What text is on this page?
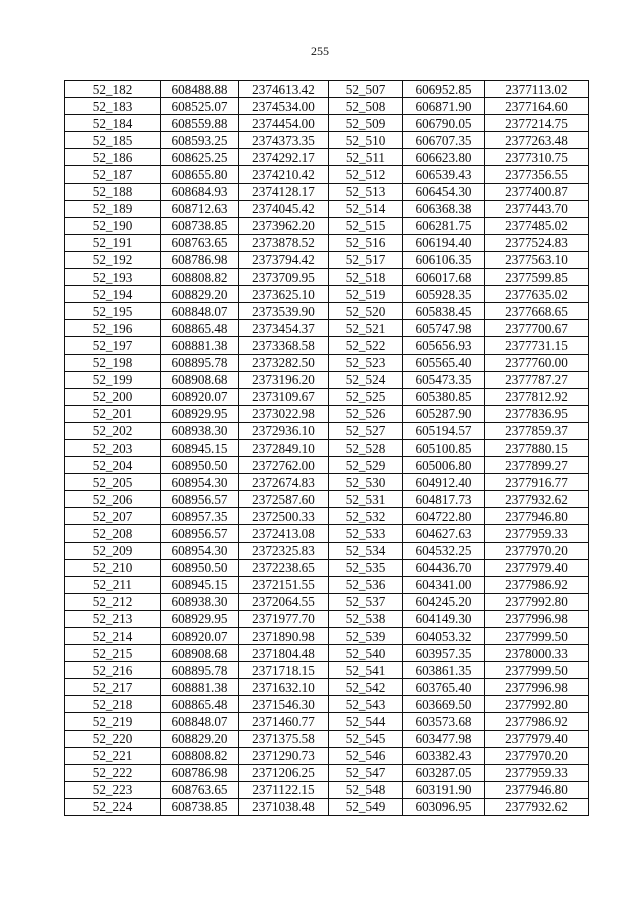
255
52_182	608488.88	2374613.42	52_507	606952.85	2377113.02
52_183	608525.07	2374534.00	52_508	606871.90	2377164.60
52_184	608559.88	2374454.00	52_509	606790.05	2377214.75
52_185	608593.25	2374373.35	52_510	606707.35	2377263.48
52_186	608625.25	2374292.17	52_511	606623.80	2377310.75
52_187	608655.80	2374210.42	52_512	606539.43	2377356.55
52_188	608684.93	2374128.17	52_513	606454.30	2377400.87
52_189	608712.63	2374045.42	52_514	606368.38	2377443.70
52_190	608738.85	2373962.20	52_515	606281.75	2377485.02
52_191	608763.65	2373878.52	52_516	606194.40	2377524.83
52_192	608786.98	2373794.42	52_517	606106.35	2377563.10
52_193	608808.82	2373709.95	52_518	606017.68	2377599.85
52_194	608829.20	2373625.10	52_519	605928.35	2377635.02
52_195	608848.07	2373539.90	52_520	605838.45	2377668.65
52_196	608865.48	2373454.37	52_521	605747.98	2377700.67
52_197	608881.38	2373368.58	52_522	605656.93	2377731.15
52_198	608895.78	2373282.50	52_523	605565.40	2377760.00
52_199	608908.68	2373196.20	52_524	605473.35	2377787.27
52_200	608920.07	2373109.67	52_525	605380.85	2377812.92
52_201	608929.95	2373022.98	52_526	605287.90	2377836.95
52_202	608938.30	2372936.10	52_527	605194.57	2377859.37
52_203	608945.15	2372849.10	52_528	605100.85	2377880.15
52_204	608950.50	2372762.00	52_529	605006.80	2377899.27
52_205	608954.30	2372674.83	52_530	604912.40	2377916.77
52_206	608956.57	2372587.60	52_531	604817.73	2377932.62
52_207	608957.35	2372500.33	52_532	604722.80	2377946.80
52_208	608956.57	2372413.08	52_533	604627.63	2377959.33
52_209	608954.30	2372325.83	52_534	604532.25	2377970.20
52_210	608950.50	2372238.65	52_535	604436.70	2377979.40
52_211	608945.15	2372151.55	52_536	604341.00	2377986.92
52_212	608938.30	2372064.55	52_537	604245.20	2377992.80
52_213	608929.95	2371977.70	52_538	604149.30	2377996.98
52_214	608920.07	2371890.98	52_539	604053.32	2377999.50
52_215	608908.68	2371804.48	52_540	603957.35	2378000.33
52_216	608895.78	2371718.15	52_541	603861.35	2377999.50
52_217	608881.38	2371632.10	52_542	603765.40	2377996.98
52_218	608865.48	2371546.30	52_543	603669.50	2377992.80
52_219	608848.07	2371460.77	52_544	603573.68	2377986.92
52_220	608829.20	2371375.58	52_545	603477.98	2377979.40
52_221	608808.82	2371290.73	52_546	603382.43	2377970.20
52_222	608786.98	2371206.25	52_547	603287.05	2377959.33
52_223	608763.65	2371122.15	52_548	603191.90	2377946.80
52_224	608738.85	2371038.48	52_549	603096.95	2377932.62
